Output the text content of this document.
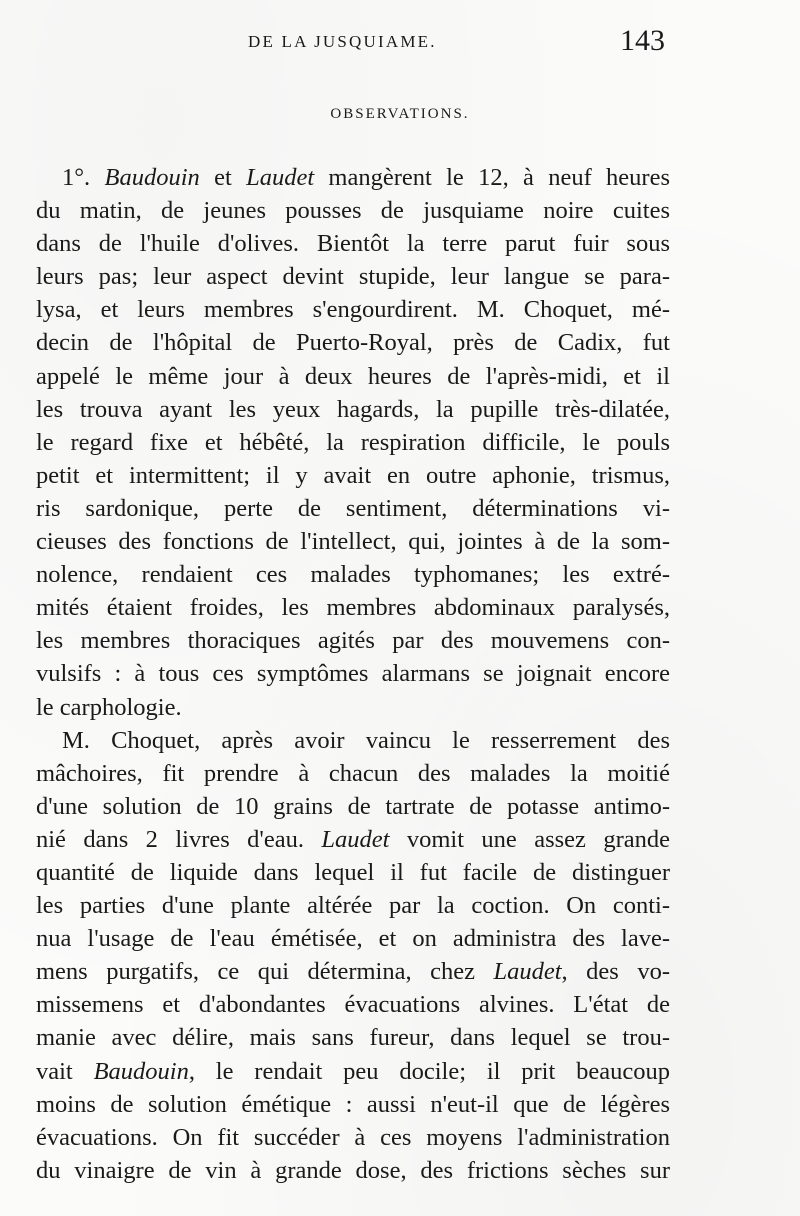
DE LA JUSQUIAME.	143
OBSERVATIONS.
1°. Baudouin et Laudet mangèrent le 12, à neuf heures
du matin, de jeunes pousses de jusquiame noire cuites
dans de l'huile d'olives. Bientôt la terre parut fuir sous
leurs pas; leur aspect devint stupide, leur langue se para-
lysa, et leurs membres s'engourdirent. M. Choquet, mé-
decin de l'hôpital de Puerto-Royal, près de Cadix, fut
appelé le même jour à deux heures de l'après-midi, et il
les trouva ayant les yeux hagards, la pupille très-dilatée,
le regard fixe et hébêté, la respiration difficile, le pouls
petit et intermittent; il y avait en outre aphonie, trismus,
ris sardonique, perte de sentiment, déterminations vi-
cieuses des fonctions de l'intellect, qui, jointes à de la som-
nolence, rendaient ces malades typhomanes; les extré-
mités étaient froides, les membres abdominaux paralysés,
les membres thoraciques agités par des mouvemens con-
vulsifs : à tous ces symptômes alarmans se joignait encore
le carphologie.
M. Choquet, après avoir vaincu le resserrement des
mâchoires, fit prendre à chacun des malades la moitié
d'une solution de 10 grains de tartrate de potasse antimo-
nié dans 2 livres d'eau. Laudet vomit une assez grande
quantité de liquide dans lequel il fut facile de distinguer
les parties d'une plante altérée par la coction. On conti-
nua l'usage de l'eau émétisée, et on administra des lave-
mens purgatifs, ce qui détermina, chez Laudet, des vo-
missemens et d'abondantes évacuations alvines. L'état de
manie avec délire, mais sans fureur, dans lequel se trou-
vait Baudouin, le rendait peu docile; il prit beaucoup
moins de solution émétique : aussi n'eut-il que de légères
évacuations. On fit succéder à ces moyens l'administration
du vinaigre de vin à grande dose, des frictions sèches sur
